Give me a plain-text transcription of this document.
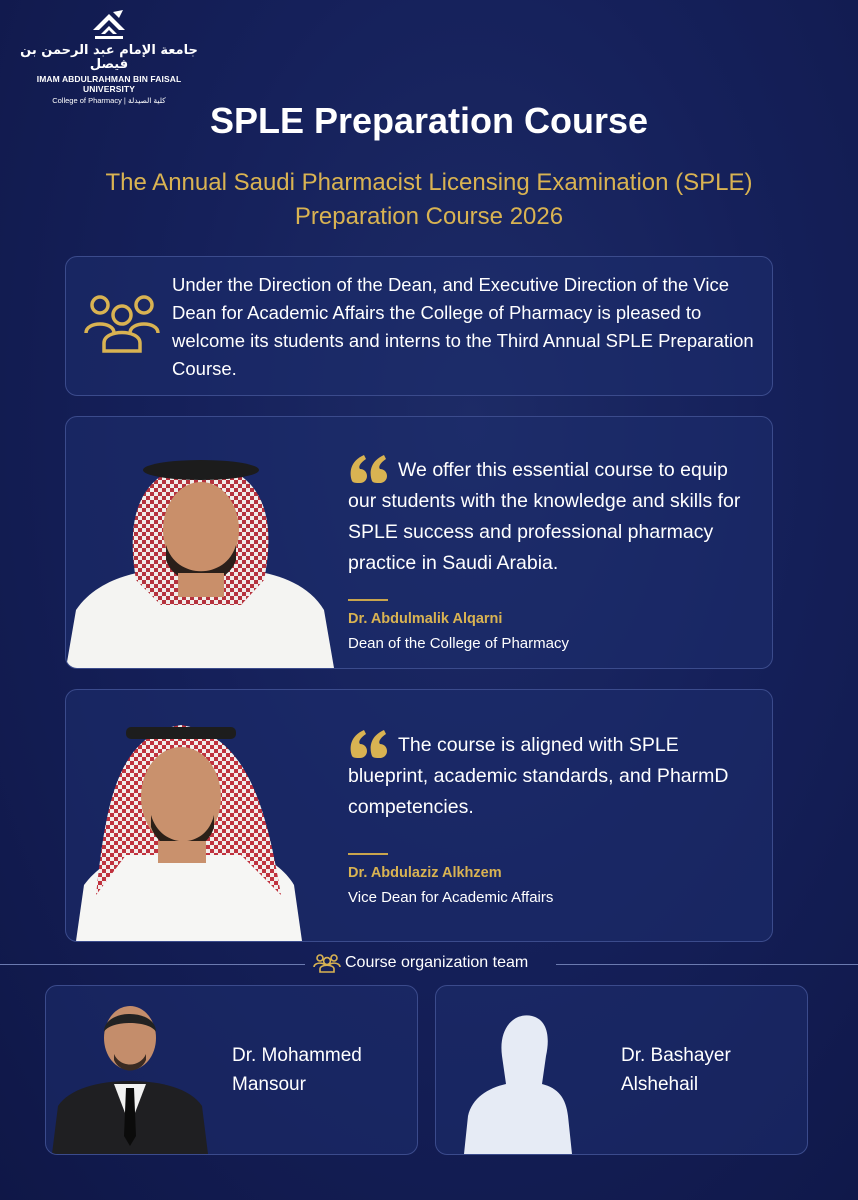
جامعة الإمام عبد الرحمن بن فيصل
IMAM ABDULRAHMAN BIN FAISAL UNIVERSITY
College of Pharmacy | كلية الصيدلة	SPLE Preparation Course
The Annual Saudi Pharmacist Licensing Examination (SPLE)
Preparation Course 2026
Under the Direction of the Dean, and Executive Direction of the Vice Dean for Academic Affairs the College of Pharmacy is pleased to welcome its students and interns to the Third Annual SPLE Preparation Course.
We offer this essential course to equip our students with the knowledge and skills for SPLE success and professional pharmacy practice in Saudi Arabia.
Dr. Abdulmalik Alqarni
Dean of the College of Pharmacy
The course is aligned with SPLE blueprint, academic standards, and PharmD competencies.
Dr. Abdulaziz Alkhzem
Vice Dean for Academic Affairs
Course organization team
Dr. Mohammed
Mansour
Dr. Bashayer
Alshehail
